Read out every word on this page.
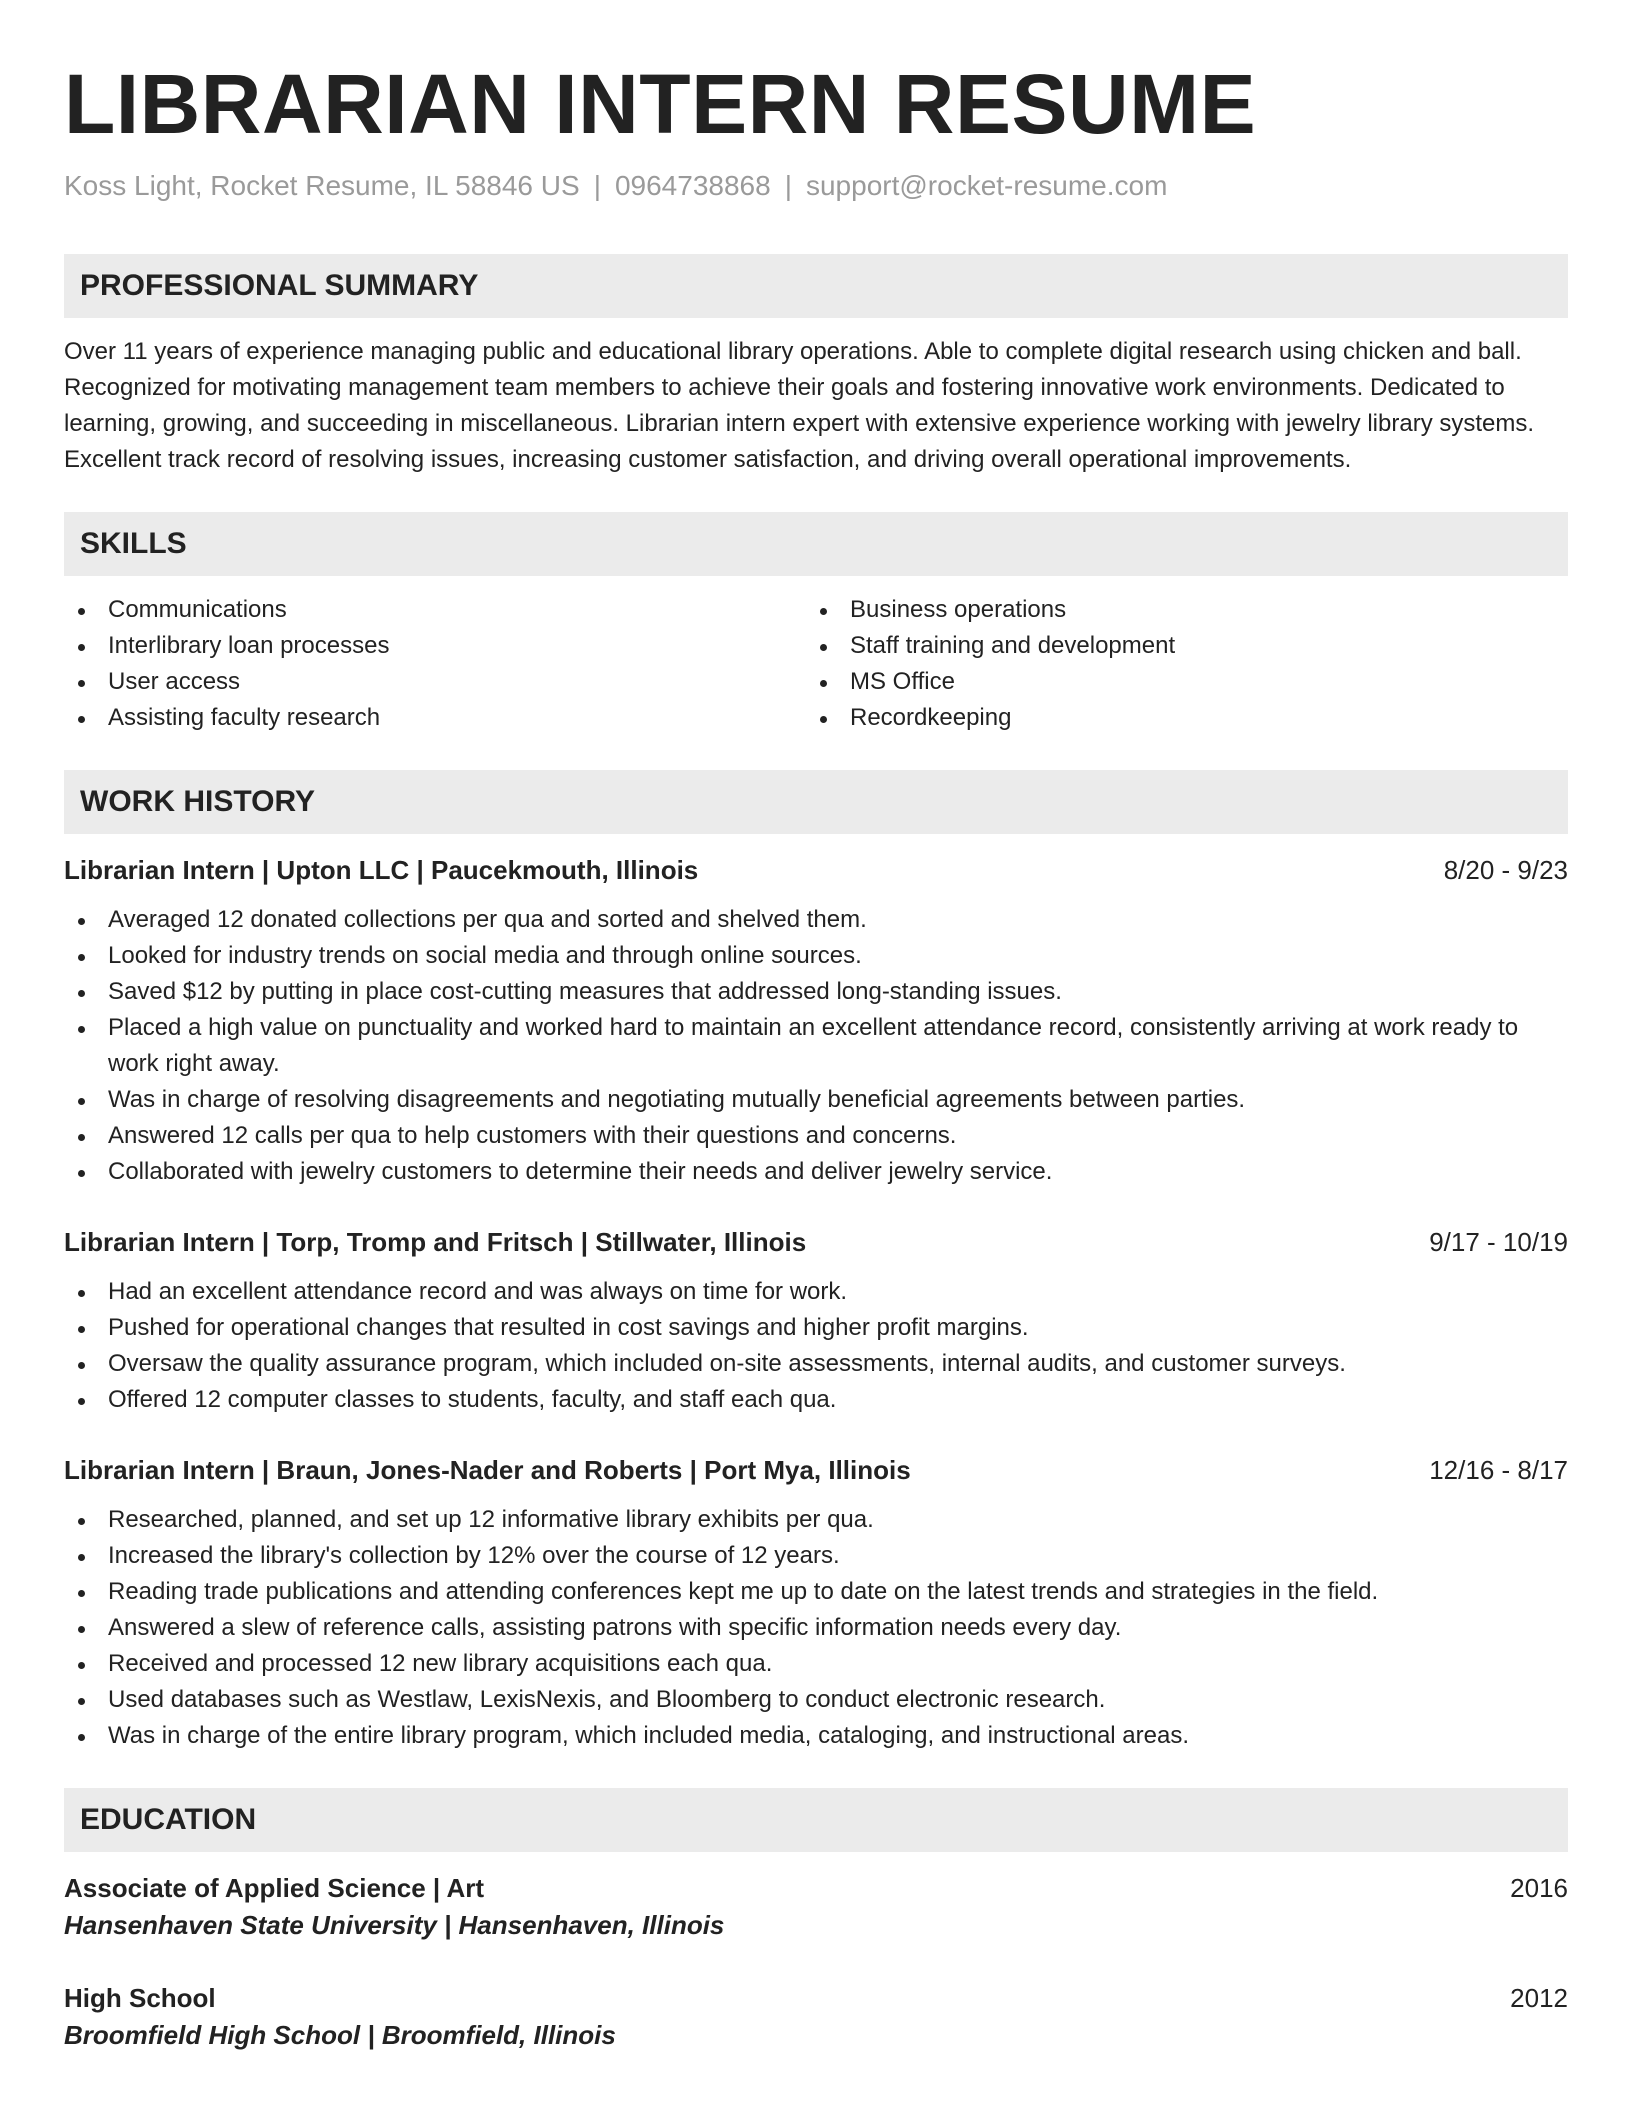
LIBRARIAN INTERN RESUME
Koss Light, Rocket Resume, IL 58846 US | 0964738868 | support@rocket-resume.com
PROFESSIONAL SUMMARY
Over 11 years of experience managing public and educational library operations. Able to complete digital research using chicken and ball. Recognized for motivating management team members to achieve their goals and fostering innovative work environments. Dedicated to learning, growing, and succeeding in miscellaneous. Librarian intern expert with extensive experience working with jewelry library systems. Excellent track record of resolving issues, increasing customer satisfaction, and driving overall operational improvements.
SKILLS
Communications
Interlibrary loan processes
User access
Assisting faculty research
Business operations
Staff training and development
MS Office
Recordkeeping
WORK HISTORY
Librarian Intern | Upton LLC | Paucekmouth, Illinois	8/20 - 9/23
Averaged 12 donated collections per qua and sorted and shelved them.
Looked for industry trends on social media and through online sources.
Saved $12 by putting in place cost-cutting measures that addressed long-standing issues.
Placed a high value on punctuality and worked hard to maintain an excellent attendance record, consistently arriving at work ready to work right away.
Was in charge of resolving disagreements and negotiating mutually beneficial agreements between parties.
Answered 12 calls per qua to help customers with their questions and concerns.
Collaborated with jewelry customers to determine their needs and deliver jewelry service.
Librarian Intern | Torp, Tromp and Fritsch | Stillwater, Illinois	9/17 - 10/19
Had an excellent attendance record and was always on time for work.
Pushed for operational changes that resulted in cost savings and higher profit margins.
Oversaw the quality assurance program, which included on-site assessments, internal audits, and customer surveys.
Offered 12 computer classes to students, faculty, and staff each qua.
Librarian Intern | Braun, Jones-Nader and Roberts | Port Mya, Illinois	12/16 - 8/17
Researched, planned, and set up 12 informative library exhibits per qua.
Increased the library's collection by 12% over the course of 12 years.
Reading trade publications and attending conferences kept me up to date on the latest trends and strategies in the field.
Answered a slew of reference calls, assisting patrons with specific information needs every day.
Received and processed 12 new library acquisitions each qua.
Used databases such as Westlaw, LexisNexis, and Bloomberg to conduct electronic research.
Was in charge of the entire library program, which included media, cataloging, and instructional areas.
EDUCATION
Associate of Applied Science | Art	2016
Hansenhaven State University | Hansenhaven, Illinois
High School	2012
Broomfield High School | Broomfield, Illinois
